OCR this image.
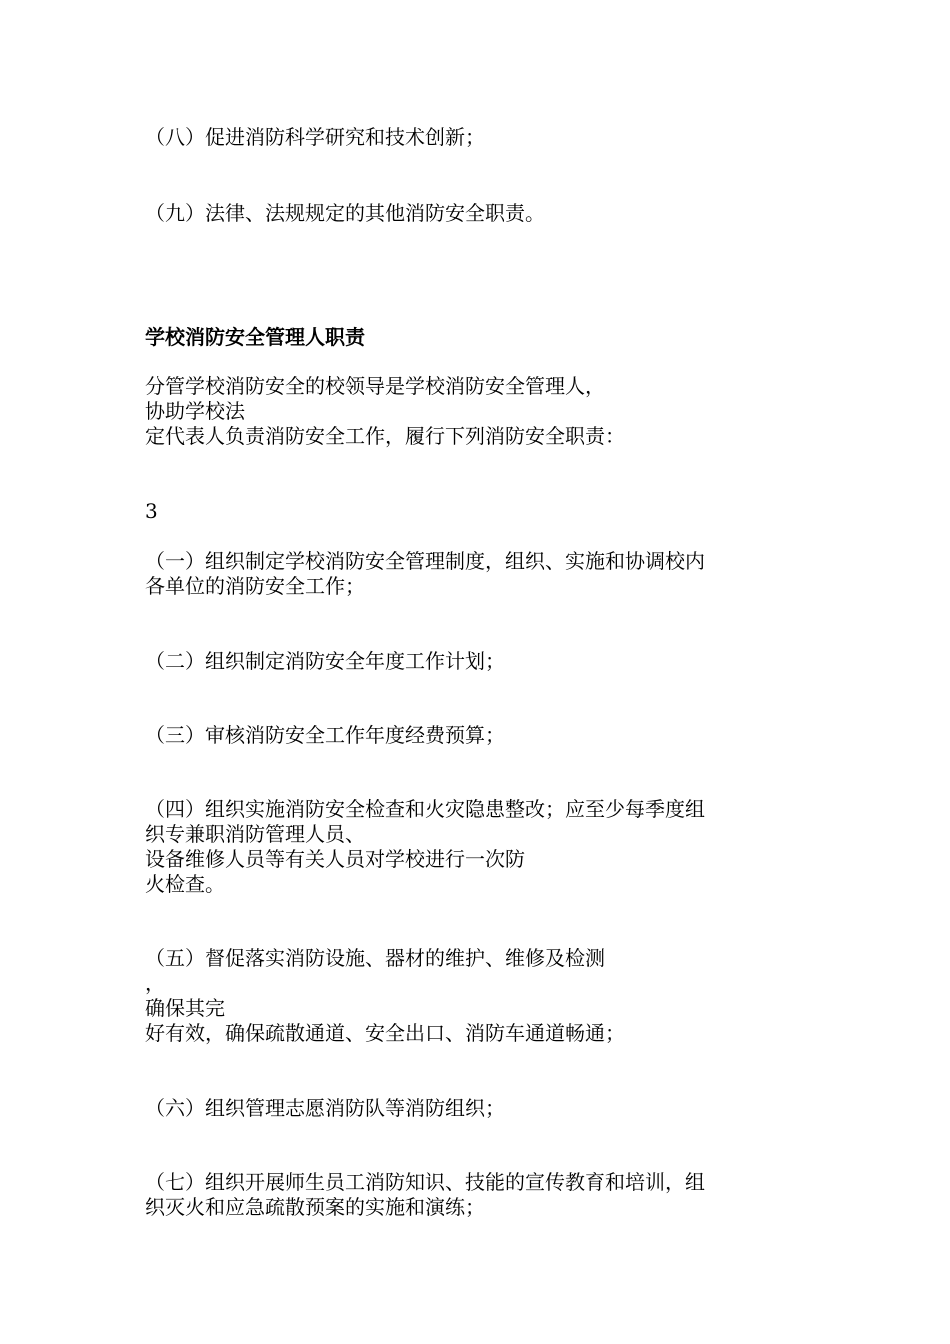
（八）促进消防科学研究和技术创新；
（九）法律、法规规定的其他消防安全职责。
学校消防安全管理人职责
分管学校消防安全的校领导是学校消防安全管理人，
协助学校法
定代表人负责消防安全工作，履行下列消防安全职责：
3
（一）组织制定学校消防安全管理制度，组织、实施和协调校内
各单位的消防安全工作；
（二）组织制定消防安全年度工作计划；
（三）审核消防安全工作年度经费预算；
（四）组织实施消防安全检查和火灾隐患整改；应至少每季度组
织专兼职消防管理人员、
设备维修人员等有关人员对学校进行一次防
火检查。
（五）督促落实消防设施、器材的维护、维修及检测
，
确保其完
好有效，确保疏散通道、安全出口、消防车通道畅通；
（六）组织管理志愿消防队等消防组织；
（七）组织开展师生员工消防知识、技能的宣传教育和培训，组
织灭火和应急疏散预案的实施和演练；
